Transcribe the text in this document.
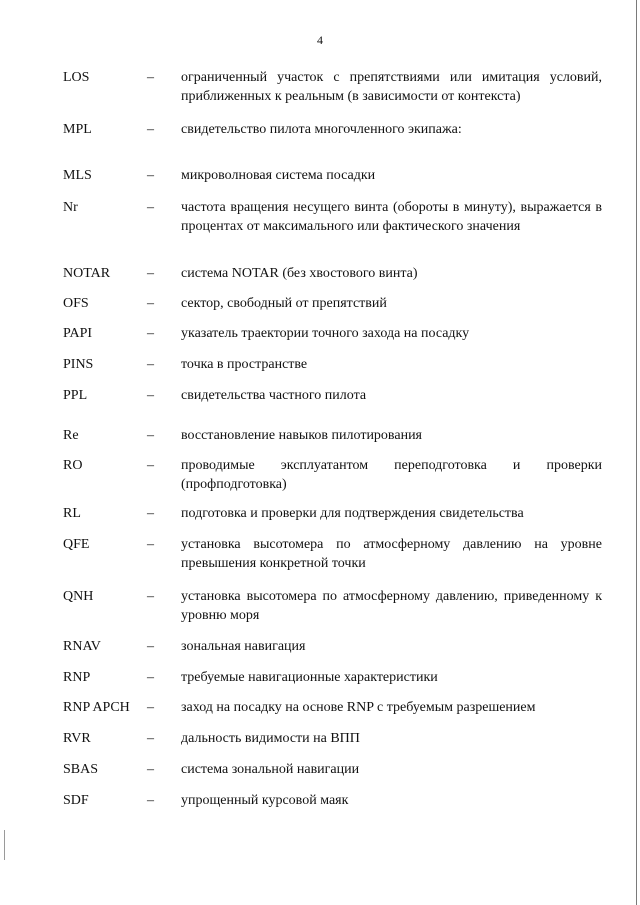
4
LOS	– ограниченный участок с препятствиями или имитация условий, приближенных к реальным (в зависимости от контекста)
MPL	– свидетельство пилота многочленного экипажа:
MLS	– микроволновая система посадки
Nr	– частота вращения несущего винта (обороты в минуту), выражается в процентах от максимального или фактического значения
NOTAR	– система NOTAR (без хвостового винта)
OFS	– сектор, свободный от препятствий
PAPI	– указатель траектории точного захода на посадку
PINS	– точка в пространстве
PPL	– свидетельства частного пилота
Re	– восстановление навыков пилотирования
RO	– проводимые эксплуатантом переподготовка и проверки (профподготовка)
RL	– подготовка и проверки для подтверждения свидетельства
QFE	– установка высотомера по атмосферному давлению на уровне превышения конкретной точки
QNH	– установка высотомера по атмосферному давлению, приведенному к уровню моря
RNAV	– зональная навигация
RNP	– требуемые навигационные характеристики
RNP APCH – заход на посадку на основе RNP с требуемым разрешением
RVR	– дальность видимости на ВПП
SBAS	– система зональной навигации
SDF	– упрощенный курсовой маяк
